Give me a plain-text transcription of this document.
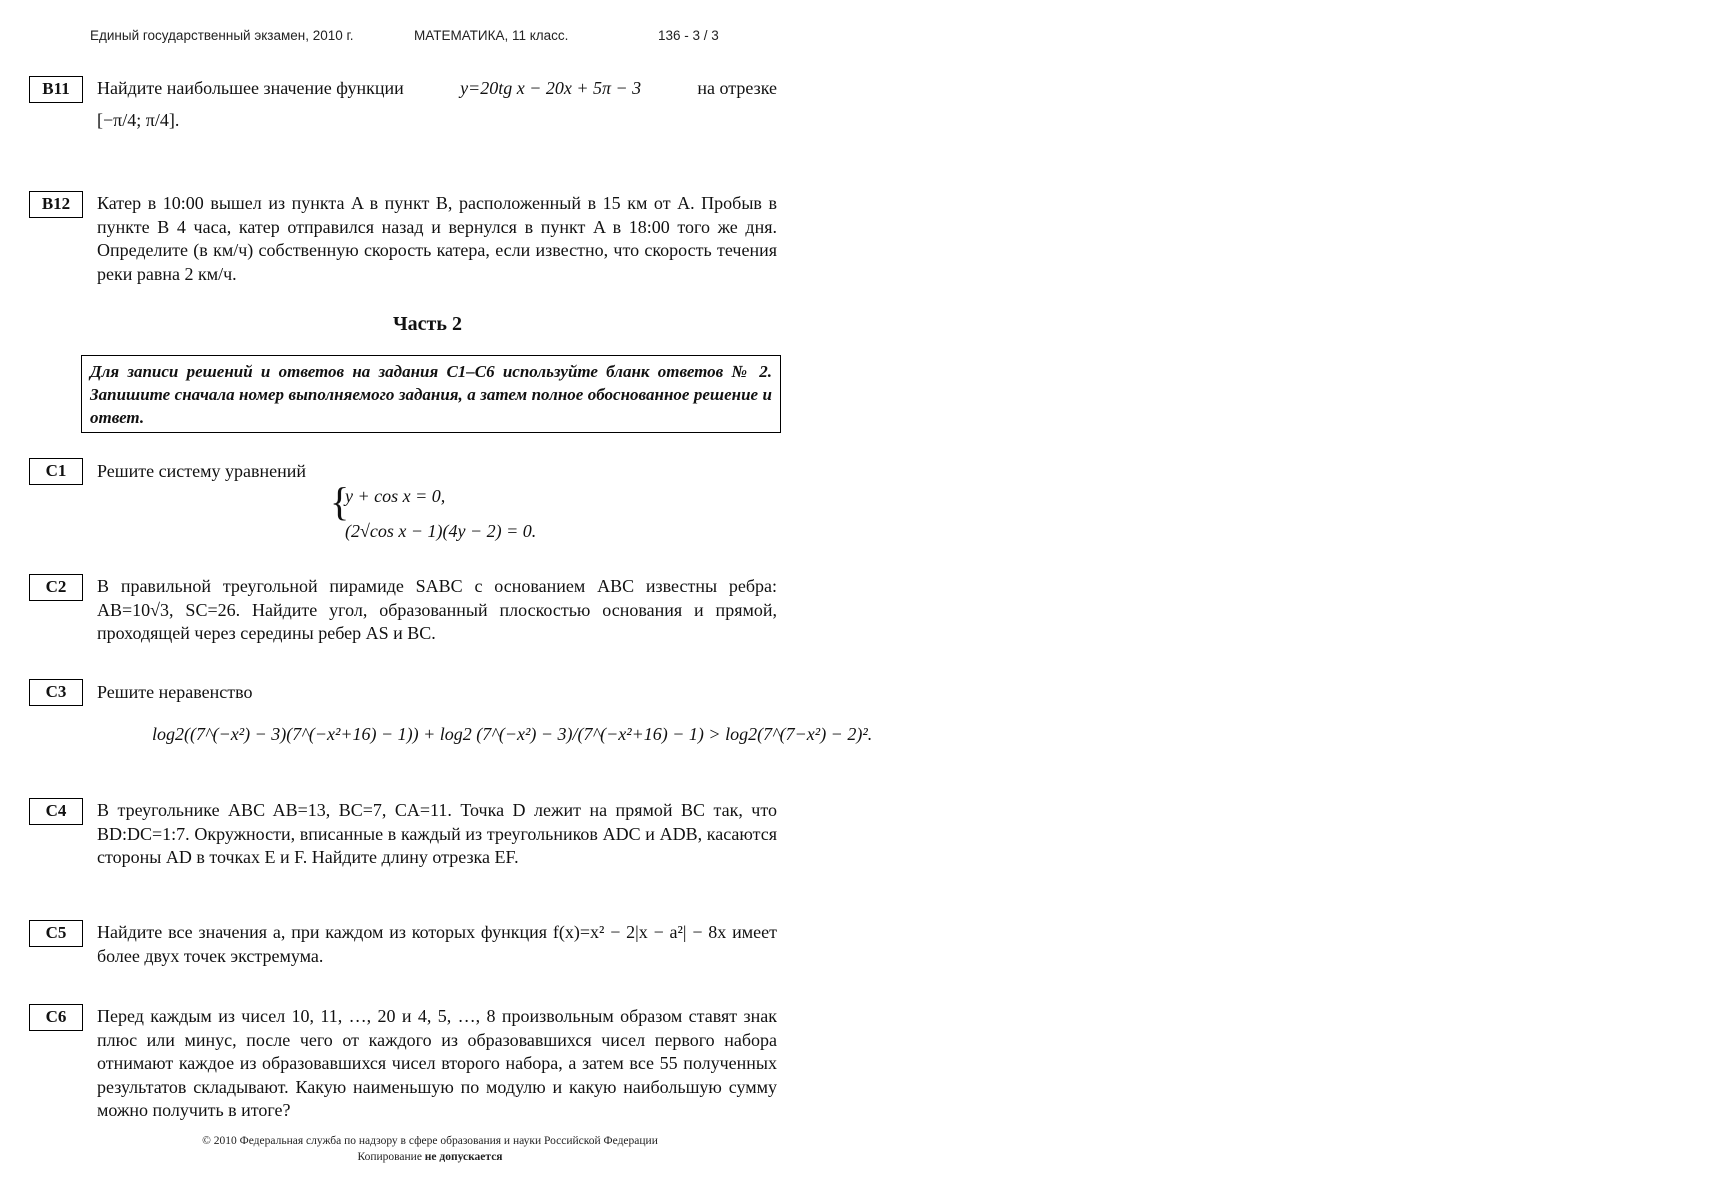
Единый государственный экзамен, 2010 г.	МАТЕМАТИКА, 11 класс.	136 - 3 / 3
B11	Найдите наибольшее значение функции	y=20tg x − 20x + 5π − 3	на отрезке
[−π/4; π/4].
B12	Катер в 10:00 вышел из пункта A в пункт B, расположенный в 15 км от A. Пробыв в пункте B 4 часа, катер отправился назад и вернулся в пункт A в 18:00 того же дня. Определите (в км/ч) собственную скорость катера, если известно, что скорость течения реки равна 2 км/ч.
Часть 2
Для записи решений и ответов на задания C1–C6 используйте бланк ответов № 2. Запишите сначала номер выполняемого задания, а затем полное обоснованное решение и ответ.
C1	Решите систему уравнений
{
y + cos x = 0,
(2√cos x − 1)(4y − 2) = 0.
C2	В правильной треугольной пирамиде SABC с основанием ABC известны ребра: AB=10√3, SC=26. Найдите угол, образованный плоскостью основания и прямой, проходящей через середины ребер AS и BC.
C3	Решите неравенство
log2((7^(−x²) − 3)(7^(−x²+16) − 1)) + log2 (7^(−x²) − 3)/(7^(−x²+16) − 1) > log2(7^(7−x²) − 2)².
C4	В треугольнике ABC AB=13, BC=7, CA=11. Точка D лежит на прямой BC так, что BD:DC=1:7. Окружности, вписанные в каждый из треугольников ADC и ADB, касаются стороны AD в точках E и F. Найдите длину отрезка EF.
C5	Найдите все значения a, при каждом из которых функция f(x)=x² − 2|x − a²| − 8x имеет более двух точек экстремума.
C6	Перед каждым из чисел 10, 11, …, 20 и 4, 5, …, 8 произвольным образом ставят знак плюс или минус, после чего от каждого из образовавшихся чисел первого набора отнимают каждое из образовавшихся чисел второго набора, а затем все 55 полученных результатов складывают. Какую наименьшую по модулю и какую наибольшую сумму можно получить в итоге?
© 2010 Федеральная служба по надзору в сфере образования и науки Российской Федерации
Копирование не допускается
